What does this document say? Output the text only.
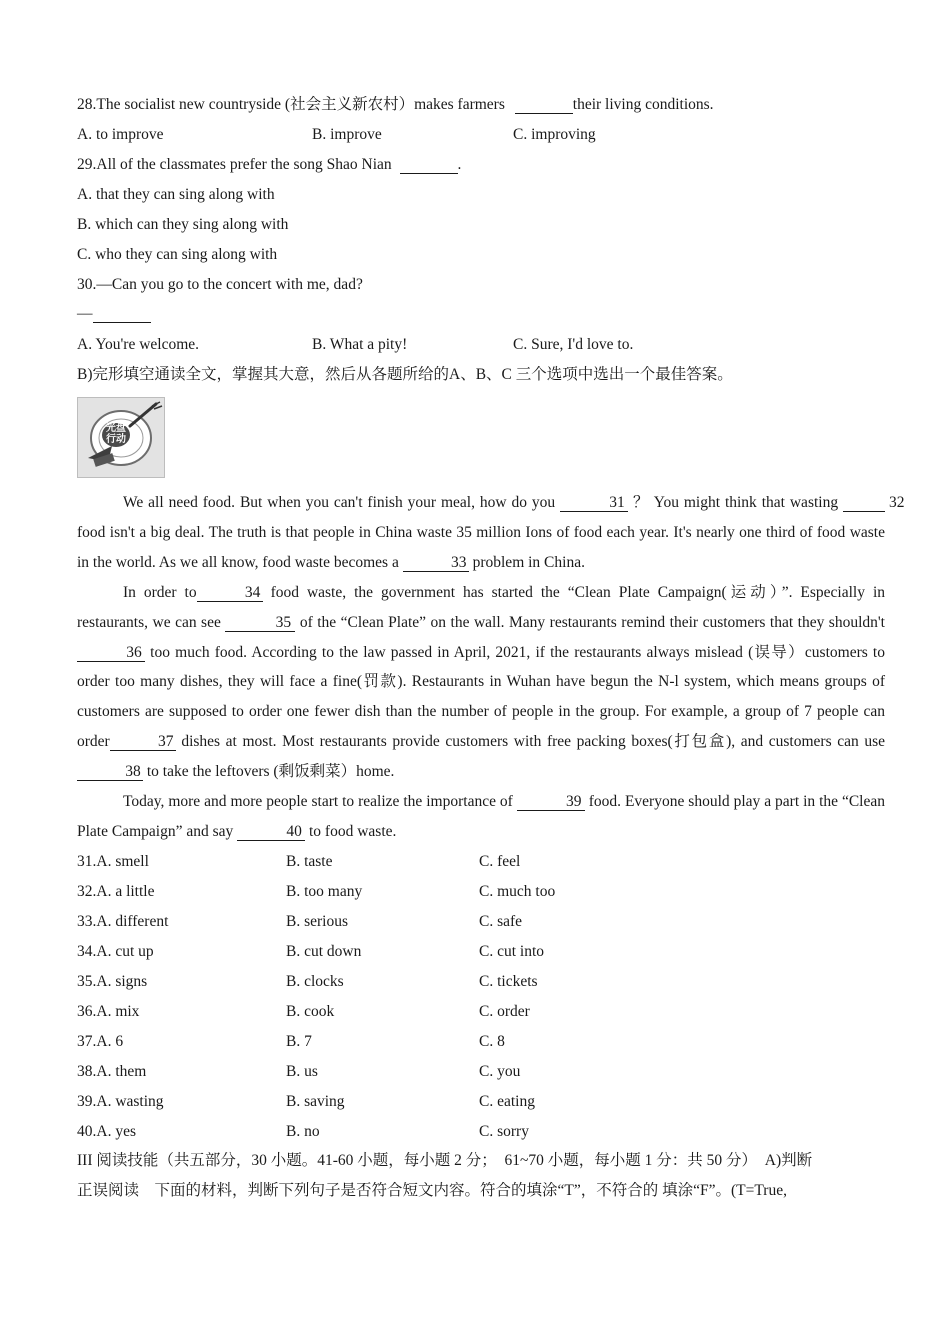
28.The socialist new countryside (社会主义新农村）makes farmers	their living conditions.
A. to improve	B. improve	C. improving
29.All of the classmates prefer the song Shao Nian	.
A. that they can sing along with
B. which can they sing along with
C. who they can sing along with
30.—Can you go to the concert with me, dad?
—
A. You're welcome.	B. What a pity!	C. Sure, I'd love to.
B)完形填空通读全文，掌握其大意，然后从各题所给的A、B、C 三个选项中选出一个最佳答案。
光盘行动

We all need food. But when you can't finish your meal, how do you	31 ？ You might think that wasting	32 food isn't a big deal. The truth is that people in China waste 35 million Ions of food each year. It's nearly one third of food waste in the world. As we all know, food waste becomes a	33 problem in China.

In order to	34 food waste, the government has started the “Clean Plate Campaign(运动）”. Especially in restaurants, we can see	35 of the “Clean Plate” on the wall. Many restaurants remind their customers that they shouldn't 36 too much food. According to the law passed in April, 2021, if the restaurants always mislead (误导）customers to order too many dishes, they will face a fine(罚款). Restaurants in Wuhan have begun the N-l system, which means groups of customers are supposed to order one fewer dish than the number of people in the group. For example, a group of 7 people can order	37 dishes at most. Most restaurants provide customers with free packing boxes(打包盒), and customers can use 38 to take the leftovers (剩饭剩菜）home.

Today, more and more people start to realize the importance of	39 food. Everyone should play a part in the “Clean Plate Campaign” and say	40 to food waste.

31.A. smell	B. taste	C. feel
32.A. a little	B. too many	C. much too
33.A. different	B. serious	C. safe
34.A. cut up	B. cut down	C. cut into
35.A. signs	B. clocks	C. tickets
36.A. mix	B. cook	C. order
37.A. 6	B. 7	C. 8
38.A. them	B. us	C. you
39.A. wasting	B. saving	C. eating
40.A. yes	B. no	C. sorry
III 阅读技能（共五部分，30 小题。41-60 小题，每小题 2 分；　61~70 小题，每小题 1 分：共 50 分）　A)判断
正误阅读　下面的材料，判断下列句子是否符合短文内容。符合的填涂“T”，不符合的 填涂“F”。(T=True,
